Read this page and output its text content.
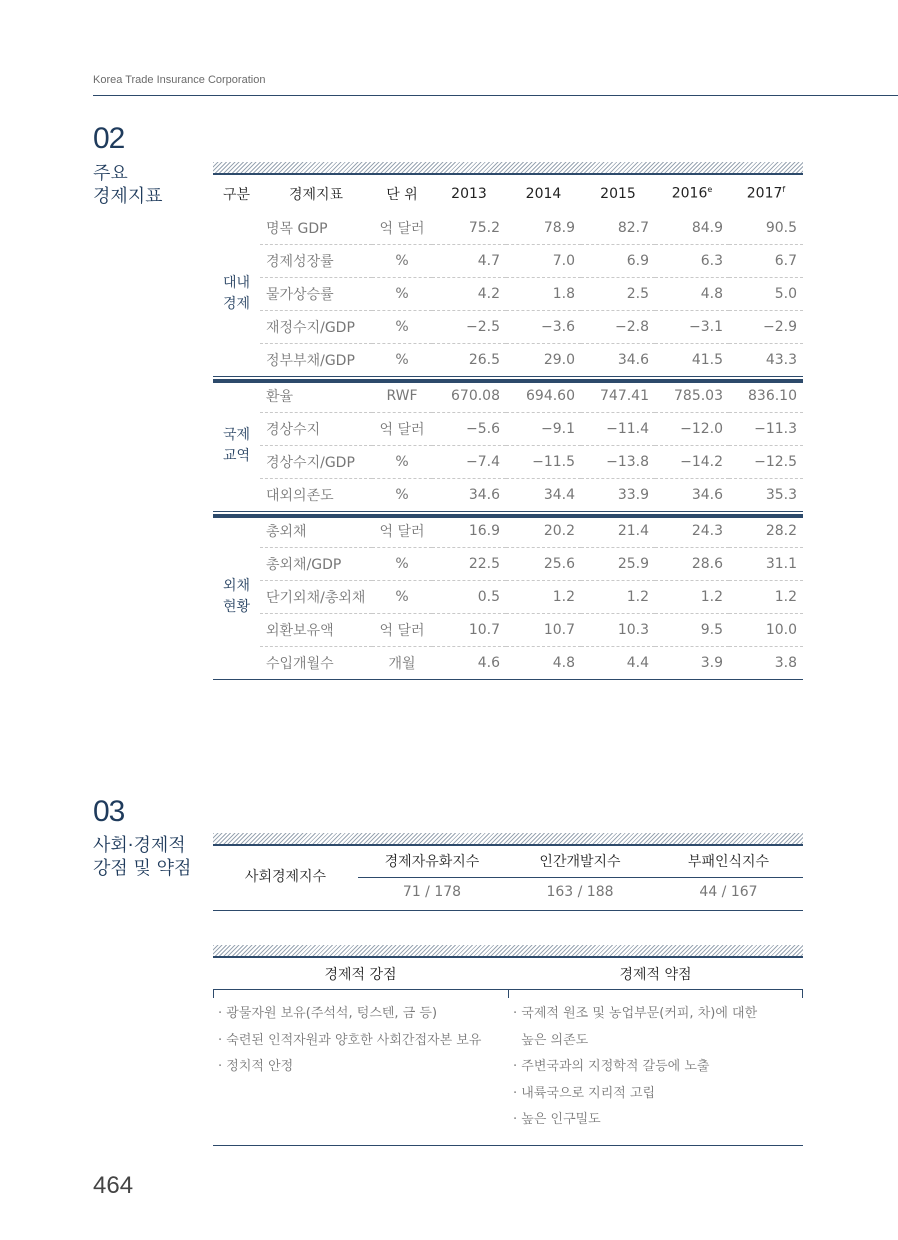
Korea Trade Insurance Corporation
02
주요
경제지표	구분	경제지표	단 위	2013	2014	2015	2016e	2017$^f$

대내
경제	명목 GDP	억 달러	75.2	78.9	82.7	84.9	90.5
	경제성장률	%	4.7	7.0	6.9	6.3	6.7
	물가상승률	%	4.2	1.8	2.5	4.8	5.0
	재정수지/GDP	%	−2.5	−3.6	−2.8	−3.1	−2.9
	정부부채/GDP	%	26.5	29.0	34.6	41.5	43.3

국제
교역	환율	RWF	670.08	694.60	747.41	785.03	836.10
	경상수지	억 달러	−5.6	−9.1	−11.4	−12.0	−11.3
	경상수지/GDP	%	−7.4	−11.5	−13.8	−14.2	−12.5
	대외의존도	%	34.6	34.4	33.9	34.6	35.3

외채
현황	총외채	억 달러	16.9	20.2	21.4	24.3	28.2
	총외채/GDP	%	22.5	25.6	25.9	28.6	31.1
	단기외채/총외채	%	0.5	1.2	1.2	1.2	1.2
	외환보유액	억 달러	10.7	10.7	10.3	9.5	10.0
	수입개월수	개월	4.6	4.8	4.4	3.9	3.8

03
사회·경제적
강점 및 약점	사회경제지수
경제자유화지수	인간개발지수	부패인식지수
71 / 178	163 / 188	44 / 167
경제적 강점	경제적 약점
· 광물자원 보유(주석석, 텅스텐, 금 등)
· 숙련된 인적자원과 양호한 사회간접자본 보유
· 정치적 안정
· 국제적 원조 및 농업부문(커피, 차)에 대한
높은 의존도
· 주변국과의 지정학적 갈등에 노출
· 내륙국으로 지리적 고립
· 높은 인구밀도
464
